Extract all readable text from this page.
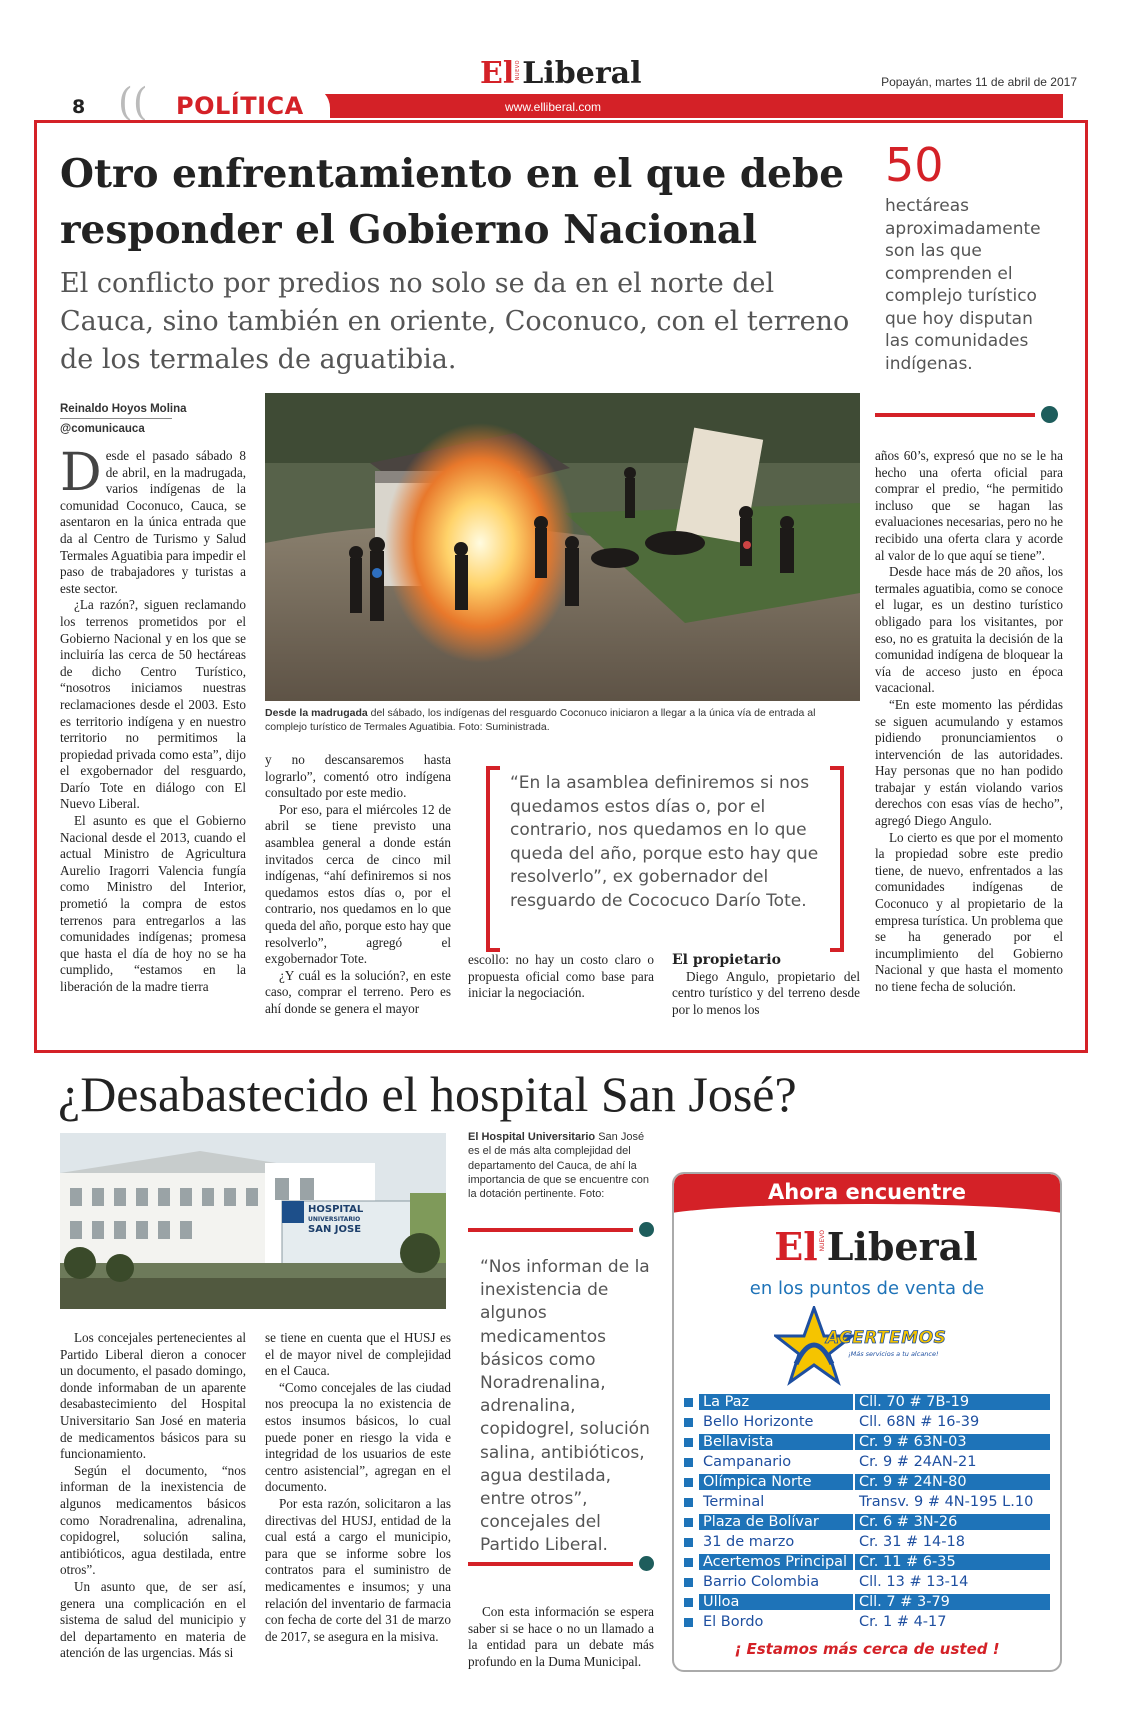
ElNUEVOLiberal	Popayán, martes 11 de abril de 2017
8 (( POLÍTICA	www.elliberal.com
Otro enfrentamiento en el que debe
responder el Gobierno Nacional
El conflicto por predios no solo se da en el norte del Cauca, sino también en oriente, Coconuco, con el terreno de los termales de aguatibia.
50
hectáreas aproximadamente son las que comprenden el complejo turístico que hoy disputan las comunidades indígenas.
Reinaldo Hoyos Molina
@comunicauca
Desde la madrugada del sábado, los indígenas del resguardo Coconuco iniciaron a llegar a la única vía de entrada al complejo turístico de Termales Aguatibia. Foto: Suministrada.
D esde el pasado sábado 8 de abril, en la madrugada, varios indígenas de la comunidad Coconuco, Cauca, se asentaron en la única entrada que da al Centro de Turismo y Salud Termales Aguatibia para impedir el paso de trabajadores y turistas a este sector.

¿La razón?, siguen reclamando los terrenos prometidos por el Gobierno Nacional y en los que se incluiría las cerca de 50 hectáreas de dicho Centro Turístico, “nosotros iniciamos nuestras reclamaciones desde el 2003. Esto es territorio indígena y en nuestro territorio no permitimos la propiedad privada como esta”, dijo el exgobernador del resguardo, Darío Tote en diálogo con El Nuevo Liberal.

El asunto es que el Gobierno Nacional desde el 2013, cuando el actual Ministro de Agricultura Aurelio Iragorri Valencia fungía como Ministro del Interior, prometió la compra de estos terrenos para entregarlos a las comunidades indígenas; promesa que hasta el día de hoy no se ha cumplido, “estamos en la liberación de la madre tierra

y no descansaremos hasta lograrlo”, comentó otro indígena consultado por este medio.

Por eso, para el miércoles 12 de abril se tiene previsto una asamblea general a donde están invitados cerca de cinco mil indígenas, “ahí definiremos si nos quedamos estos días o, por el contrario, nos quedamos en lo que queda del año, porque esto hay que resolverlo”, agregó el exgobernador Tote.

¿Y cuál es la solución?, en este caso, comprar el terreno. Pero es ahí donde se genera el mayor

“En la asamblea definiremos si nos quedamos estos días o, por el contrario, nos quedamos en lo que queda del año, porque esto hay que resolverlo”, ex gobernador del resguardo de Cococuco Darío Tote.

escollo: no hay un costo claro o propuesta oficial como base para iniciar la negociación.

El propietario

Diego Angulo, propietario del centro turístico y del terreno desde por lo menos los

años 60’s, expresó que no se le ha hecho una oferta oficial para comprar el predio, “he permitido incluso que se hagan las evaluaciones necesarias, pero no he recibido una oferta clara y acorde al valor de lo que aquí se tiene”.

Desde hace más de 20 años, los termales aguatibia, como se conoce el lugar, es un destino turístico obligado para los visitantes, por eso, no es gratuita la decisión de la comunidad indígena de bloquear la vía de acceso justo en época vacacional.

“En este momento las pérdidas se siguen acumulando y estamos pidiendo pronunciamientos o intervención de las autoridades. Hay personas que no han podido trabajar y están violando varios derechos con esas vías de hecho”, agregó Diego Angulo.

Lo cierto es que por el momento la propiedad sobre este predio tiene, de nuevo, enfrentados a las comunidades indígenas de Coconuco y al propietario de la empresa turística. Un problema que se ha generado por el incumplimiento del Gobierno Nacional y que hasta el momento no tiene fecha de solución.

¿Desabastecido el hospital San José?
HOSPITAL
UNIVERSITARIO
SAN JOSE
El Hospital Universitario San José es el de más alta complejidad del departamento del Cauca, de ahí la importancia de que se encuentre con la dotación pertinente. Foto:

Los concejales pertenecientes al Partido Liberal dieron a conocer un documento, el pasado domingo, donde informaban de un aparente desabastecimiento del Hospital Universitario San José en materia de medicamentos básicos para su funcionamiento.

Según el documento, “nos informan de la inexistencia de algunos medicamentos básicos como Noradrenalina, adrenalina, copidogrel, solución salina, antibióticos, agua destilada, entre otros”.

Un asunto que, de ser así, genera una complicación en el sistema de salud del municipio y del departamento en materia de atención de las urgencias. Más si

se tiene en cuenta que el HUSJ es el de mayor nivel de complejidad en el Cauca.

“Como concejales de las ciudad nos preocupa la no existencia de estos insumos básicos, lo cual puede poner en riesgo la vida e integridad de los usuarios de este centro asistencial”, agregan en el documento.

Por esta razón, solicitaron a las directivas del HUSJ, entidad de la cual está a cargo el municipio, para que se informe sobre los contratos para el suministro de medicamentes e insumos; y una relación del inventario de farmacia con fecha de corte del 31 de marzo de 2017, se asegura en la misiva.

“Nos informan de la inexistencia de algunos medicamentos básicos como Noradrenalina, adrenalina, copidogrel, solución salina, antibióticos, agua destilada, entre otros”, concejales del Partido Liberal.

Con esta información se espera saber si se hace o no un llamado a la entidad para un debate más profundo en la Duma Municipal.

Ahora encuentre
ElNUEVOLiberal
en los puntos de venta de
ACERTEMOS
¡Más servicios a tu alcance!
La Paz	Cll. 70 # 7B-19
Bello Horizonte	Cll. 68N # 16-39
Bellavista	Cr. 9 # 63N-03
Campanario	Cr. 9 # 24AN-21
Olímpica Norte	Cr. 9 # 24N-80
Terminal	Transv. 9 # 4N-195 L.10
Plaza de Bolívar	Cr. 6 # 3N-26
31 de marzo	Cr. 31 # 14-18
Acertemos Principal Cr. 11 # 6-35
Barrio Colombia	Cll. 13 # 13-14
Ulloa	Cll. 7 # 3-79
El Bordo	Cr. 1 # 4-17
¡ Estamos más cerca de usted !
